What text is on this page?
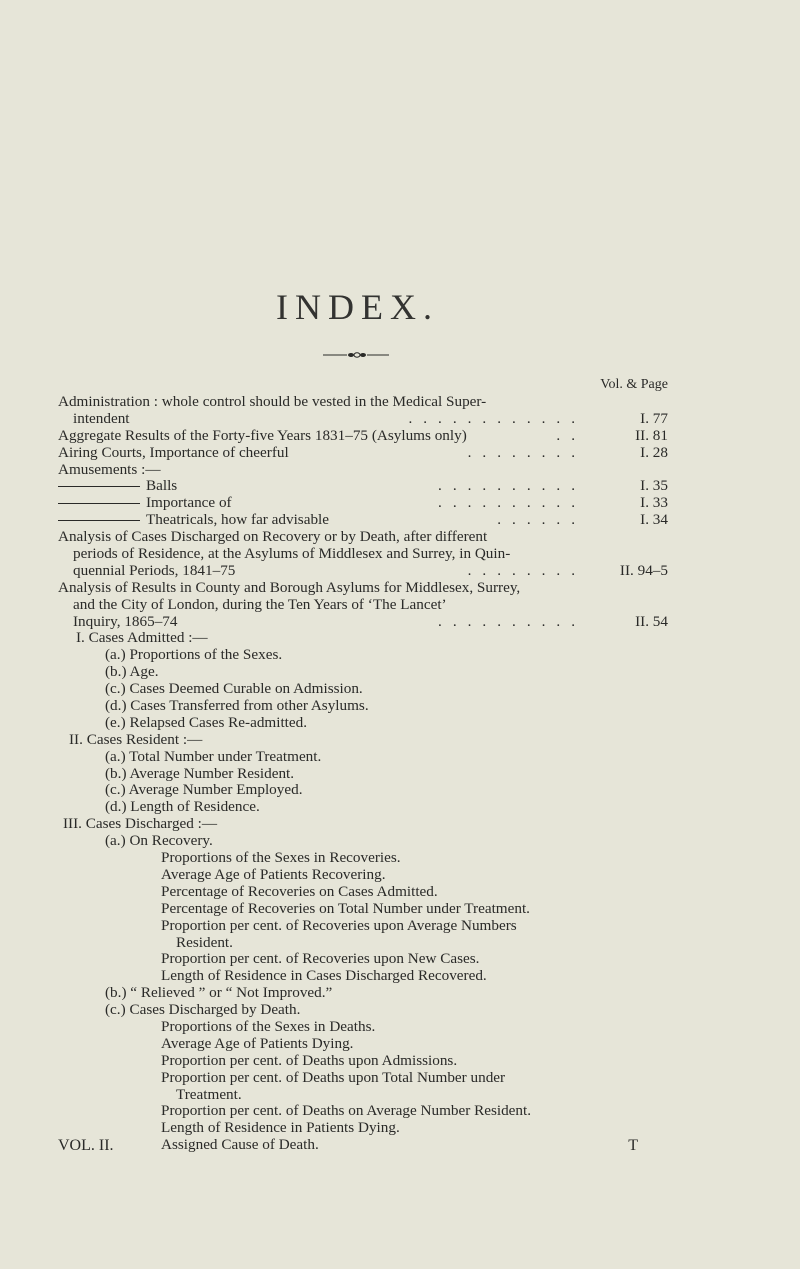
INDEX.
Vol. & Page
Administration : whole control should be vested in the Medical Super-
............
intendent	I. 77
..
Aggregate Results of the Forty-five Years 1831–75 (Asylums only)	II. 81
........
Airing Courts, Importance of cheerful	I. 28
Amusements :—
..........
Balls	I. 35
..........
Importance of	I. 33
......
Theatricals, how far advisable	I. 34
Analysis of Cases Discharged on Recovery or by Death, after different
periods of Residence, at the Asylums of Middlesex and Surrey, in Quin-
........
quennial Periods, 1841–75	II. 94–5
Analysis of Results in County and Borough Asylums for Middlesex, Surrey,
and the City of London, during the Ten Years of ‘The Lancet’
..........
Inquiry, 1865–74	II. 54
I. Cases Admitted :—
(a.) Proportions of the Sexes.
(b.) Age.
(c.) Cases Deemed Curable on Admission.
(d.) Cases Transferred from other Asylums.
(e.) Relapsed Cases Re-admitted.
II. Cases Resident :—
(a.) Total Number under Treatment.
(b.) Average Number Resident.
(c.) Average Number Employed.
(d.) Length of Residence.
III. Cases Discharged :—
(a.) On Recovery.
Proportions of the Sexes in Recoveries.
Average Age of Patients Recovering.
Percentage of Recoveries on Cases Admitted.
Percentage of Recoveries on Total Number under Treatment.
Proportion per cent. of Recoveries upon Average Numbers
Resident.
Proportion per cent. of Recoveries upon New Cases.
Length of Residence in Cases Discharged Recovered.
(b.) “ Relieved ” or “ Not Improved.”
(c.) Cases Discharged by Death.
Proportions of the Sexes in Deaths.
Average Age of Patients Dying.
Proportion per cent. of Deaths upon Admissions.
Proportion per cent. of Deaths upon Total Number under
Treatment.
Proportion per cent. of Deaths on Average Number Resident.
Length of Residence in Patients Dying.
Assigned Cause of Death.
VOL. II.	T
